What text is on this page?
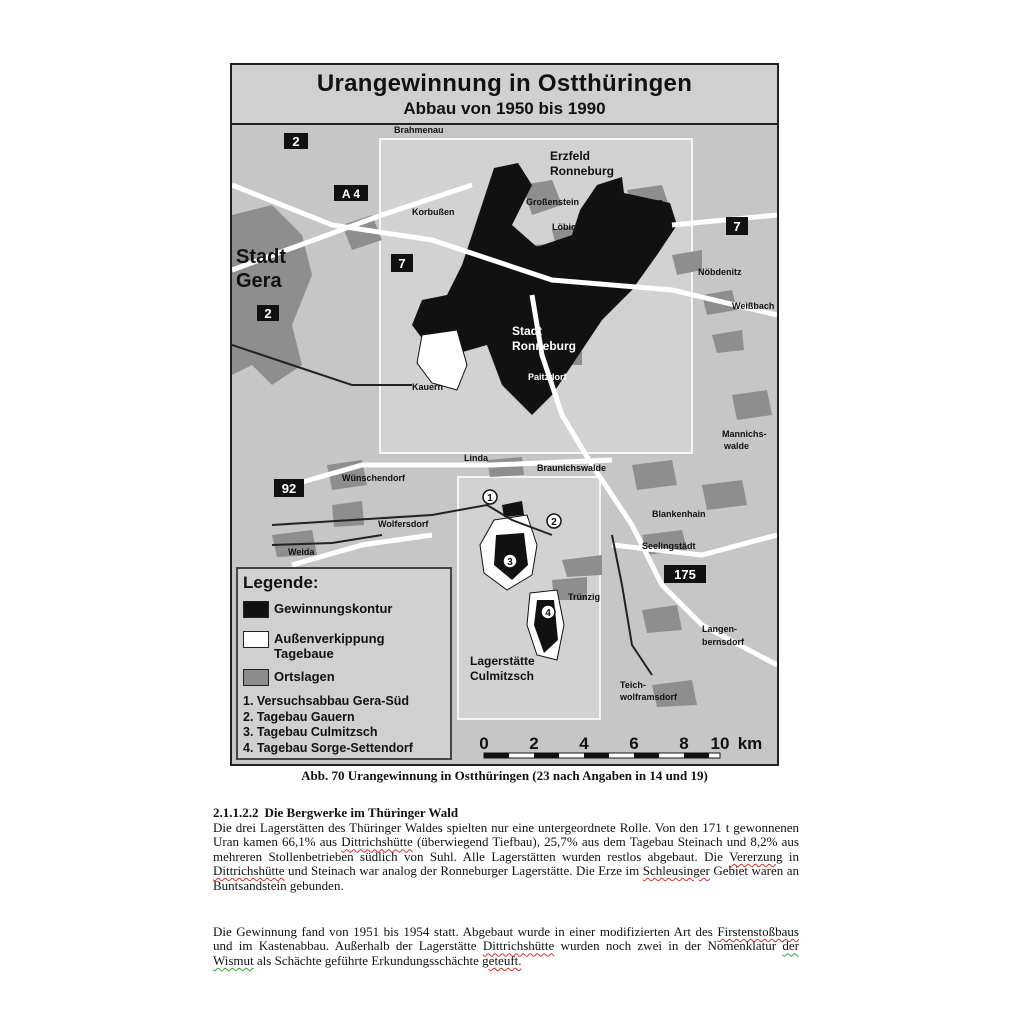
Urangewinnung in Ostthüringen
Abbau von 1950 bis 1990
2
A 4
7
7
2
92
175
Brahmenau
Erzfeld
Ronneburg
Korbußen
Großenstein	Drosen
Löbichau
Beerwalde
Stadt
Gera	Nöbdenitz
Weißbach
Stadt
Ronneburg
Kauern
Paitzdorf
Mannichs-
walde
Linda
Braunichswalde
Wünschendorf
Blankenhain
Wolfersdorf
Weida
Seelingstädt
Trünzig
Langen-
bernsdorf
Lagerstätte
Culmitzsch
Teich-
wolframsdorf
1
2
3
4
Legende:
Gewinnungskontur
Außenverkippung
Tagebaue
Ortslagen
1. Versuchsabbau Gera-Süd
2. Tagebau Gauern
3. Tagebau Culmitzsch
4. Tagebau Sorge-Settendorf	0 2 4 6 8 10 km
Abb. 70 Urangewinnung in Ostthüringen (23 nach Angaben in 14 und 19)
2.1.1.2.2 Die Bergwerke im Thüringer Wald
Die drei Lagerstätten des Thüringer Waldes spielten nur eine untergeordnete Rolle. Von den 171 t gewonnenen Uran kamen 66,1% aus Dittrichshütte (überwiegend Tiefbau), 25,7% aus dem Tagebau Steinach und 8,2% aus mehreren Stollenbetrieben südlich von Suhl. Alle Lagerstätten wurden restlos abgebaut. Die Vererzung in Dittrichshütte und Steinach war analog der Ronneburger Lagerstätte. Die Erze im Schleusinger Gebiet waren an Buntsandstein gebunden.
Die Gewinnung fand von 1951 bis 1954 statt. Abgebaut wurde in einer modifizierten Art des Firstenstoßbaus und im Kastenabbau. Außerhalb der Lagerstätte Dittrichshütte wurden noch zwei in der Nomenklatur der Wismut als Schächte geführte Erkundungsschächte geteuft.
